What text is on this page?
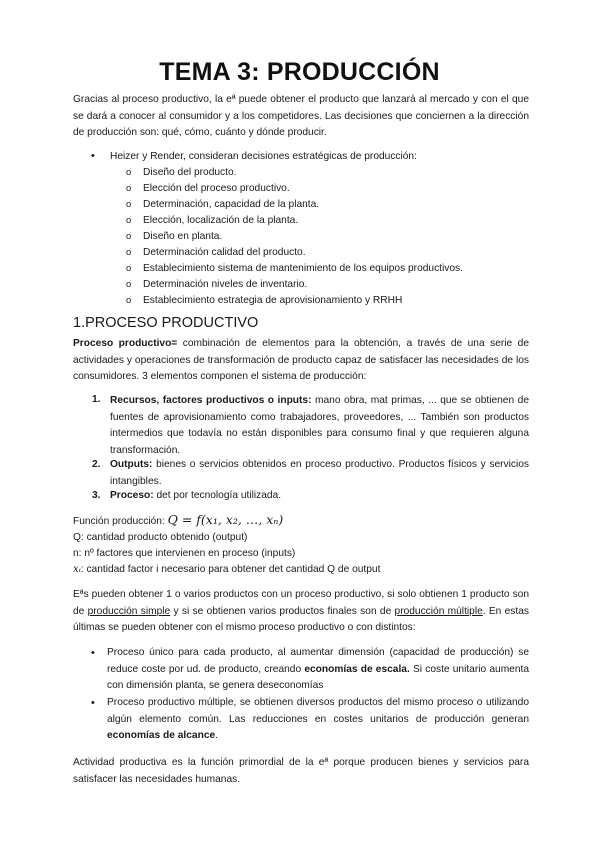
TEMA 3: PRODUCCIÓN
Gracias al proceso productivo, la eª puede obtener el producto que lanzará al mercado y con el que se dará a conocer al consumidor y a los competidores. Las decisiones que conciernen a la dirección de producción son: qué, cómo, cuánto y dónde producir.
• Heizer y Render, consideran decisiones estratégicas de producción:
o Diseño del producto.
o Elección del proceso productivo.
o Determinación, capacidad de la planta.
o Elección, localización de la planta.
o Diseño en planta.
o Determinación calidad del producto.
o Establecimiento sistema de mantenimiento de los equipos productivos.
o Determinación niveles de inventario.
o Establecimiento estrategia de aprovisionamiento y RRHH
1.PROCESO PRODUCTIVO
Proceso productivo= combinación de elementos para la obtención, a través de una serie de actividades y operaciones de transformación de producto capaz de satisfacer las necesidades de los consumidores. 3 elementos componen el sistema de producción:
1. Recursos, factores productivos o inputs: mano obra, mat primas, ... que se obtienen de fuentes de aprovisionamiento como trabajadores, proveedores, ... También son productos intermedios que todavía no están disponibles para consumo final y que requieren alguna transformación.
2. Outputs: bienes o servicios obtenidos en proceso productivo. Productos físicos y servicios intangibles.
3. Proceso: det por tecnología utilizada.
Función producción: Q = f(x₁, x₂, …, xₙ)
Q: cantidad producto obtenido (output)
n: nº factores que intervienen en proceso (inputs)
xᵢ: cantidad factor i necesario para obtener det cantidad Q de output
Eªs pueden obtener 1 o varios productos con un proceso productivo, si solo obtienen 1 producto son de producción simple y si se obtienen varios productos finales son de producción múltiple. En estas últimas se pueden obtener con el mismo proceso productivo o con distintos:
• Proceso único para cada producto, al aumentar dimensión (capacidad de producción) se reduce coste por ud. de producto, creando economías de escala. Si coste unitario aumenta con dimensión planta, se genera deseconomías
• Proceso productivo múltiple, se obtienen diversos productos del mismo proceso o utilizando algún elemento común. Las reducciones en costes unitarios de producción generan economías de alcance.
Actividad productiva es la función primordial de la eª porque producen bienes y servicios para satisfacer las necesidades humanas.
